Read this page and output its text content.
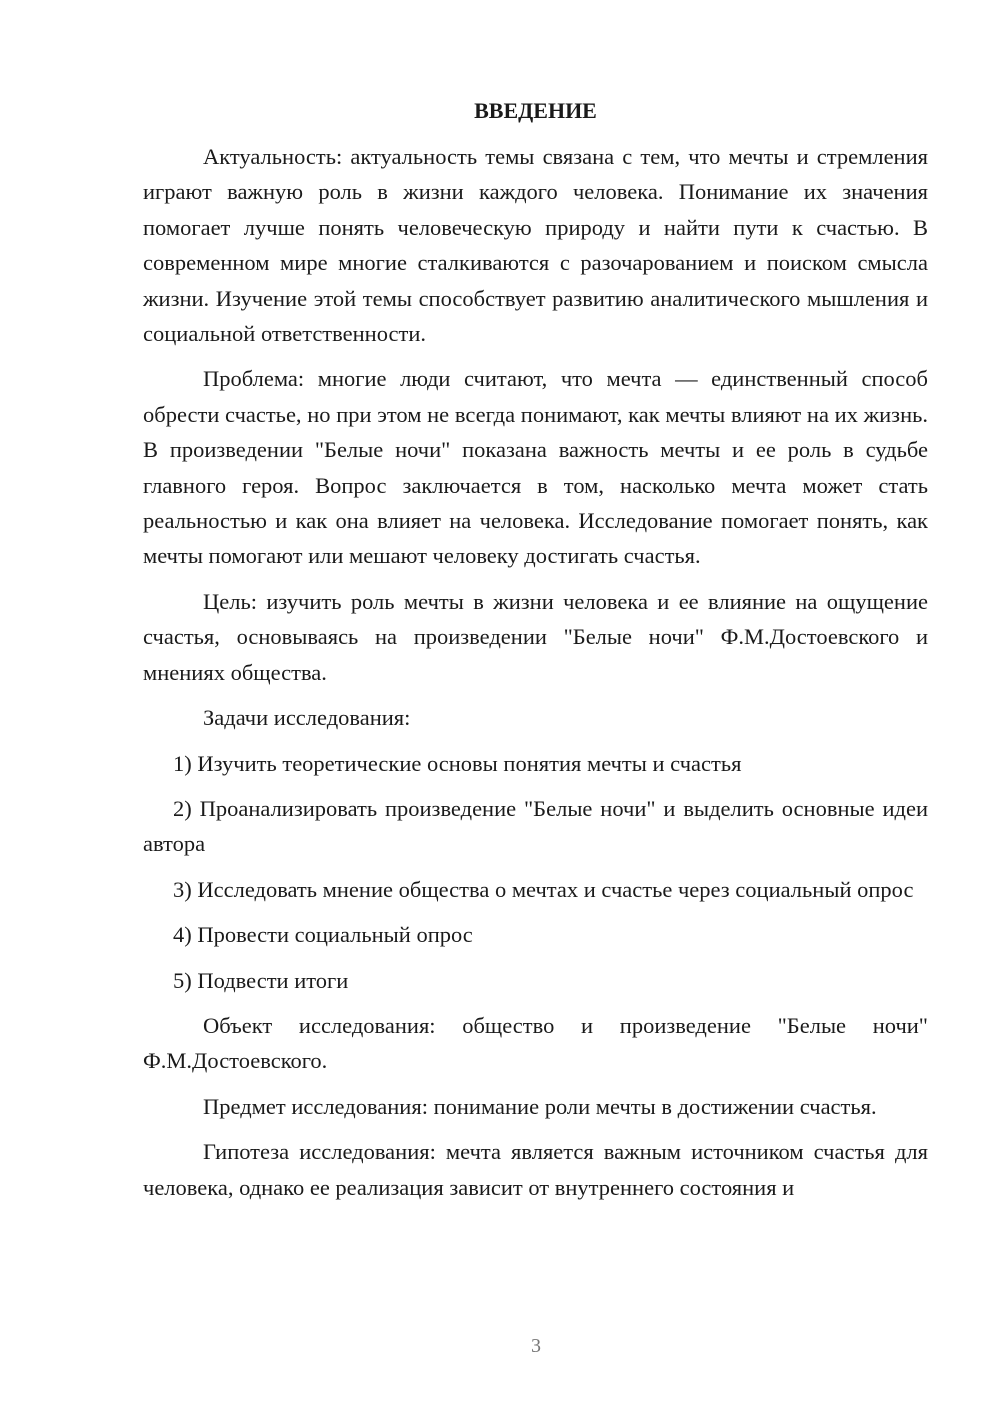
ВВЕДЕНИЕ

Актуальность: актуальность темы связана с тем, что мечты и стремления играют важную роль в жизни каждого человека. Понимание их значения помогает лучше понять человеческую природу и найти пути к счастью. В современном мире многие сталкиваются с разочарованием и поиском смысла жизни. Изучение этой темы способствует развитию аналитического мышления и социальной ответственности.

Проблема: многие люди считают, что мечта — единственный способ обрести счастье, но при этом не всегда понимают, как мечты влияют на их жизнь. В произведении "Белые ночи" показана важность мечты и ее роль в судьбе главного героя. Вопрос заключается в том, насколько мечта может стать реальностью и как она влияет на человека. Исследование помогает понять, как мечты помогают или мешают человеку достигать счастья.

Цель: изучить роль мечты в жизни человека и ее влияние на ощущение счастья, основываясь на произведении "Белые ночи" Ф.М.Достоевского и мнениях общества.

Задачи исследования:

1) Изучить теоретические основы понятия мечты и счастья

2) Проанализировать произведение "Белые ночи" и выделить основные идеи автора

3) Исследовать мнение общества о мечтах и счастье через социальный опрос

4) Провести социальный опрос

5) Подвести итоги

Объект исследования: общество и произведение "Белые ночи" Ф.М.Достоевского.

Предмет исследования: понимание роли мечты в достижении счастья.

Гипотеза исследования: мечта является важным источником счастья для человека, однако ее реализация зависит от внутреннего состояния и

3
